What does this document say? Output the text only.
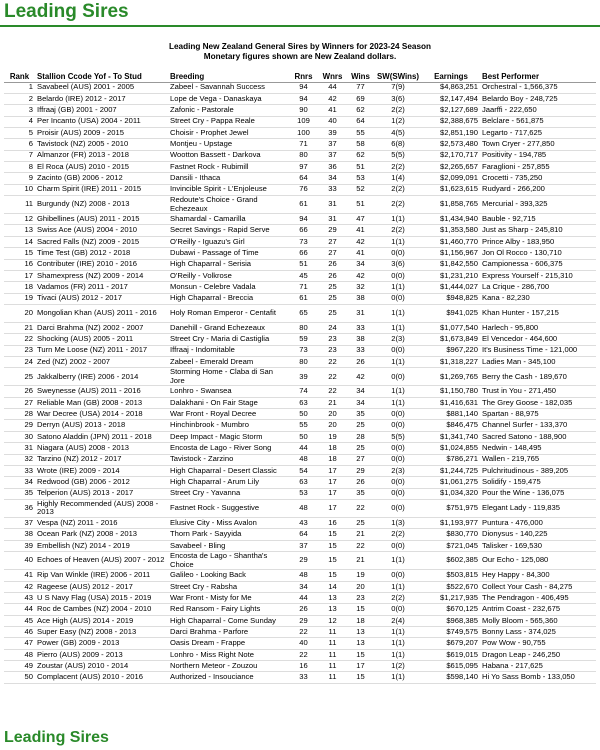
Leading Sires
Leading New Zealand General Sires by Winners for 2023-24 Season
Monetary figures shown are New Zealand dollars.
Rank	Stallion Ccode Yof - To Stud	Breeding	Rnrs	Wnrs	Wins	SW(SWins)	Earnings	Best Performer
1	Savabeel (AUS) 2001 - 2005	Zabeel - Savannah Success	94	44	77	7(9)	$4,863,251	Orchestral - 1,566,375
2	Belardo (IRE) 2012 - 2017	Lope de Vega - Danaskaya	94	42	69	3(6)	$2,147,494	Belardo Boy - 248,725
3	Iffraaj (GB) 2001 - 2007	Zafonic - Pastorale	90	41	62	2(2)	$2,127,689	Jaarffi - 222,650
4	Per Incanto (USA) 2004 - 2011	Street Cry - Pappa Reale	109	40	64	1(2)	$2,388,675	Belclare - 561,875
5	Proisir (AUS) 2009 - 2015	Choisir - Prophet Jewel	100	39	55	4(5)	$2,851,190	Legarto - 717,625
6	Tavistock (NZ) 2005 - 2010	Montjeu - Upstage	71	37	58	6(8)	$2,573,480	Town Cryer - 277,850
7	Almanzor (FR) 2013 - 2018	Wootton Bassett - Darkova	80	37	62	5(5)	$2,170,717	Positivity - 194,785
8	El Roca (AUS) 2010 - 2015	Fastnet Rock - Rubimill	97	36	51	2(2)	$2,265,657	Faraglioni - 257,855
9	Zacinto (GB) 2006 - 2012	Dansili - Ithaca	64	34	53	1(4)	$2,099,091	Crocetti - 735,250
10	Charm Spirit (IRE) 2011 - 2015	Invincible Spirit - L'Enjoleuse	76	33	52	2(2)	$1,623,615	Rudyard - 266,200
11	Burgundy (NZ) 2008 - 2013	Redoute's Choice - Grand Echezeaux	61	31	51	2(2)	$1,858,765	Mercurial - 393,325
12	Ghibellines (AUS) 2011 - 2015	Shamardal - Camarilla	94	31	47	1(1)	$1,434,940	Bauble - 92,715
13	Swiss Ace (AUS) 2004 - 2010	Secret Savings - Rapid Serve	66	29	41	2(2)	$1,353,580	Just as Sharp - 245,810
14	Sacred Falls (NZ) 2009 - 2015	O'Reilly - Iguazu's Girl	73	27	42	1(1)	$1,460,770	Prince Alby - 183,950
15	Time Test (GB) 2012 - 2018	Dubawi - Passage of Time	66	27	41	0(0)	$1,156,967	Jon Ol Rocco - 130,710
16	Contributer (IRE) 2010 - 2016	High Chaparral - Serisia	51	26	34	3(6)	$1,842,550	Campionessa - 606,375
17	Shamexpress (NZ) 2009 - 2014	O'Reilly - Volkrose	45	26	42	0(0)	$1,231,210	Express Yourself - 215,310
18	Vadamos (FR) 2011 - 2017	Monsun - Celebre Vadala	71	25	32	1(1)	$1,444,027	La Crique - 286,700
19	Tivaci (AUS) 2012 - 2017	High Chaparral - Breccia	61	25	38	0(0)	$948,825	Kana - 82,230
20	Mongolian Khan (AUS) 2011 - 2016	Holy Roman Emperor - Centafit	65	25	31	1(1)	$941,025	Khan Hunter - 157,215
21	Darci Brahma (NZ) 2002 - 2007	Danehill - Grand Echezeaux	80	24	33	1(1)	$1,077,540	Harlech - 95,800
22	Shocking (AUS) 2005 - 2011	Street Cry - Maria di Castiglia	59	23	38	2(3)	$1,673,849	El Vencedor - 464,600
23	Turn Me Loose (NZ) 2011 - 2017	Iffraaj - Indomitable	73	23	33	0(0)	$967,220	It's Business Time - 121,000
24	Zed (NZ) 2002 - 2007	Zabeel - Emerald Dream	80	22	26	1(1)	$1,318,227	Ladies Man - 345,100
25	Jakkalberry (IRE) 2006 - 2014	Storming Home - Claba di San Jore	39	22	42	0(0)	$1,269,765	Berry the Cash - 189,670
26	Sweynesse (AUS) 2011 - 2016	Lonhro - Swansea	74	22	34	1(1)	$1,150,780	Trust in You - 271,450
27	Reliable Man (GB) 2008 - 2013	Dalakhani - On Fair Stage	63	21	34	1(1)	$1,416,631	The Grey Goose - 182,035
28	War Decree (USA) 2014 - 2018	War Front - Royal Decree	50	20	35	0(0)	$881,140	Spartan - 88,975
29	Derryn (AUS) 2013 - 2018	Hinchinbrook - Mumbro	55	20	25	0(0)	$846,475	Channel Surfer - 133,370
30	Satono Aladdin (JPN) 2011 - 2018	Deep Impact - Magic Storm	50	19	28	5(5)	$1,341,740	Sacred Satono - 188,900
31	Niagara (AUS) 2008 - 2013	Encosta de Lago - River Song	44	18	25	0(0)	$1,024,855	Nedwin - 148,495
32	Tarzino (NZ) 2012 - 2017	Tavistock - Zarzino	48	18	27	0(0)	$786,271	Wallen - 219,765
33	Wrote (IRE) 2009 - 2014	High Chaparral - Desert Classic	54	17	29	2(3)	$1,244,725	Pulchritudinous - 389,205
34	Redwood (GB) 2006 - 2012	High Chaparral - Arum Lily	63	17	26	0(0)	$1,061,275	Solidify - 159,475
35	Telperion (AUS) 2013 - 2017	Street Cry - Yavanna	53	17	35	0(0)	$1,034,320	Pour the Wine - 136,075
36	Highly Recommended (AUS) 2008 - 2013	Fastnet Rock - Suggestive	48	17	22	0(0)	$751,975	Elegant Lady - 119,835
37	Vespa (NZ) 2011 - 2016	Elusive City - Miss Avalon	43	16	25	1(3)	$1,193,977	Puntura - 476,000
38	Ocean Park (NZ) 2008 - 2013	Thorn Park - Sayyida	64	15	21	2(2)	$830,770	Dionysus - 140,225
39	Embellish (NZ) 2014 - 2019	Savabeel - Bling	37	15	22	0(0)	$721,045	Talisker - 169,530
40	Echoes of Heaven (AUS) 2007 - 2012	Encosta de Lago - Shantha's Choice	29	15	21	1(1)	$602,385	Our Echo - 125,080
41	Rip Van Winkle (IRE) 2006 - 2011	Galileo - Looking Back	48	15	19	0(0)	$503,815	Hey Happy - 84,300
42	Rageese (AUS) 2012 - 2017	Street Cry - Rabsha	34	14	20	1(1)	$522,670	Collect Your Cash - 84,275
43	U S Navy Flag (USA) 2015 - 2019	War Front - Misty for Me	44	13	23	2(2)	$1,217,935	The Pendragon - 406,495
44	Roc de Cambes (NZ) 2004 - 2010	Red Ransom - Fairy Lights	26	13	15	0(0)	$670,125	Antrim Coast - 232,675
45	Ace High (AUS) 2014 - 2019	High Chaparral - Come Sunday	29	12	18	2(4)	$968,385	Molly Bloom - 565,360
46	Super Easy (NZ) 2008 - 2013	Darci Brahma - Parfore	22	11	13	1(1)	$749,575	Bonny Lass - 374,025
47	Power (GB) 2009 - 2013	Oasis Dream - Frappe	40	11	13	1(1)	$679,207	Pow Wow - 90,755
48	Pierro (AUS) 2009 - 2013	Lonhro - Miss Right Note	22	11	15	1(1)	$619,015	Dragon Leap - 246,250
49	Zoustar (AUS) 2010 - 2014	Northern Meteor - Zouzou	16	11	17	1(2)	$615,095	Habana - 217,625
50	Complacent (AUS) 2010 - 2016	Authorized - Insouciance	33	11	15	1(1)	$598,140	Hi Yo Sass Bomb - 133,050
Leading Sires
